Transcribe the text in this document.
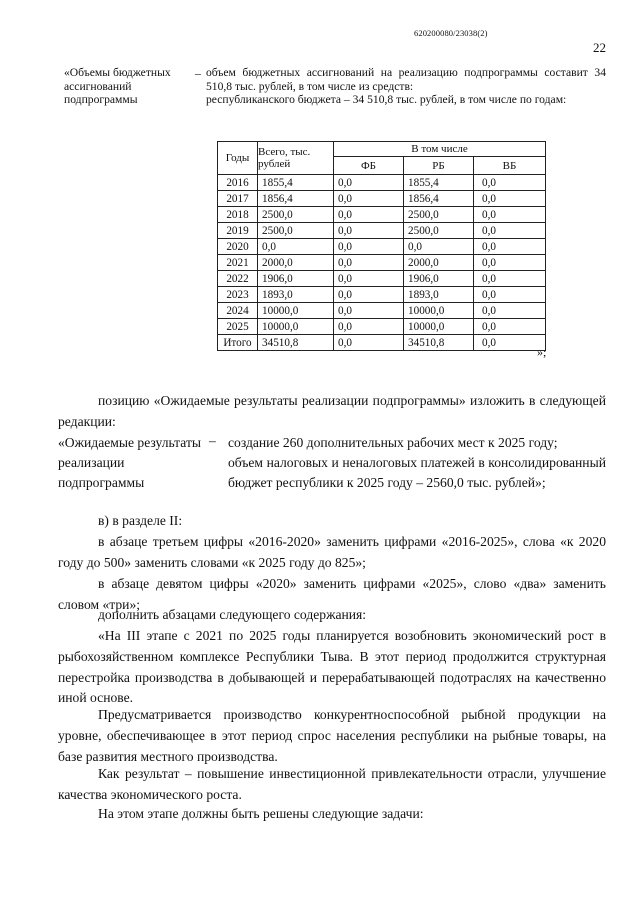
620200080/23038(2)
22
«Объемы бюджетных ассигнований подпрограммы
– объем бюджетных ассигнований на реализацию подпрограммы составит 34 510,8 тыс. рублей, в том числе из средств:
республиканского бюджета – 34 510,8 тыс. рублей, в том числе по годам:
Годы	Всего, тыс. рублей	В том числе		
		ФБ	РБ	ВБ
2016	1855,4	0,0	1855,4	0,0
2017	1856,4	0,0	1856,4	0,0
2018	2500,0	0,0	2500,0	0,0
2019	2500,0	0,0	2500,0	0,0
2020	0,0	0,0	0,0	0,0
2021	2000,0	0,0	2000,0	0,0
2022	1906,0	0,0	1906,0	0,0
2023	1893,0	0,0	1893,0	0,0
2024	10000,0	0,0	10000,0	0,0
2025	10000,0	0,0	10000,0	0,0
Итого	34510,8	0,0	34510,8	0,0
»;
позицию «Ожидаемые результаты реализации подпрограммы» изложить в следующей редакции:
«Ожидаемые результаты реализации подпрограммы
– создание 260 дополнительных рабочих мест к 2025 году;
объем налоговых и неналоговых платежей в консолидированный бюджет республики к 2025 году – 2560,0 тыс. рублей»;
в) в разделе II:
в абзаце третьем цифры «2016-2020» заменить цифрами «2016-2025», слова «к 2020 году до 500» заменить словами «к 2025 году до 825»;
в абзаце девятом цифры «2020» заменить цифрами «2025», слово «два» заменить словом «три»;
дополнить абзацами следующего содержания:
«На III этапе с 2021 по 2025 годы планируется возобновить экономический рост в рыбохозяйственном комплексе Республики Тыва. В этот период продолжится структурная перестройка производства в добывающей и перерабатывающей подотраслях на качественно иной основе.
Предусматривается производство конкурентноспособной рыбной продукции на уровне, обеспечивающее в этот период спрос населения республики на рыбные товары, на базе развития местного производства.
Как результат – повышение инвестиционной привлекательности отрасли, улучшение качества экономического роста.
На этом этапе должны быть решены следующие задачи:
